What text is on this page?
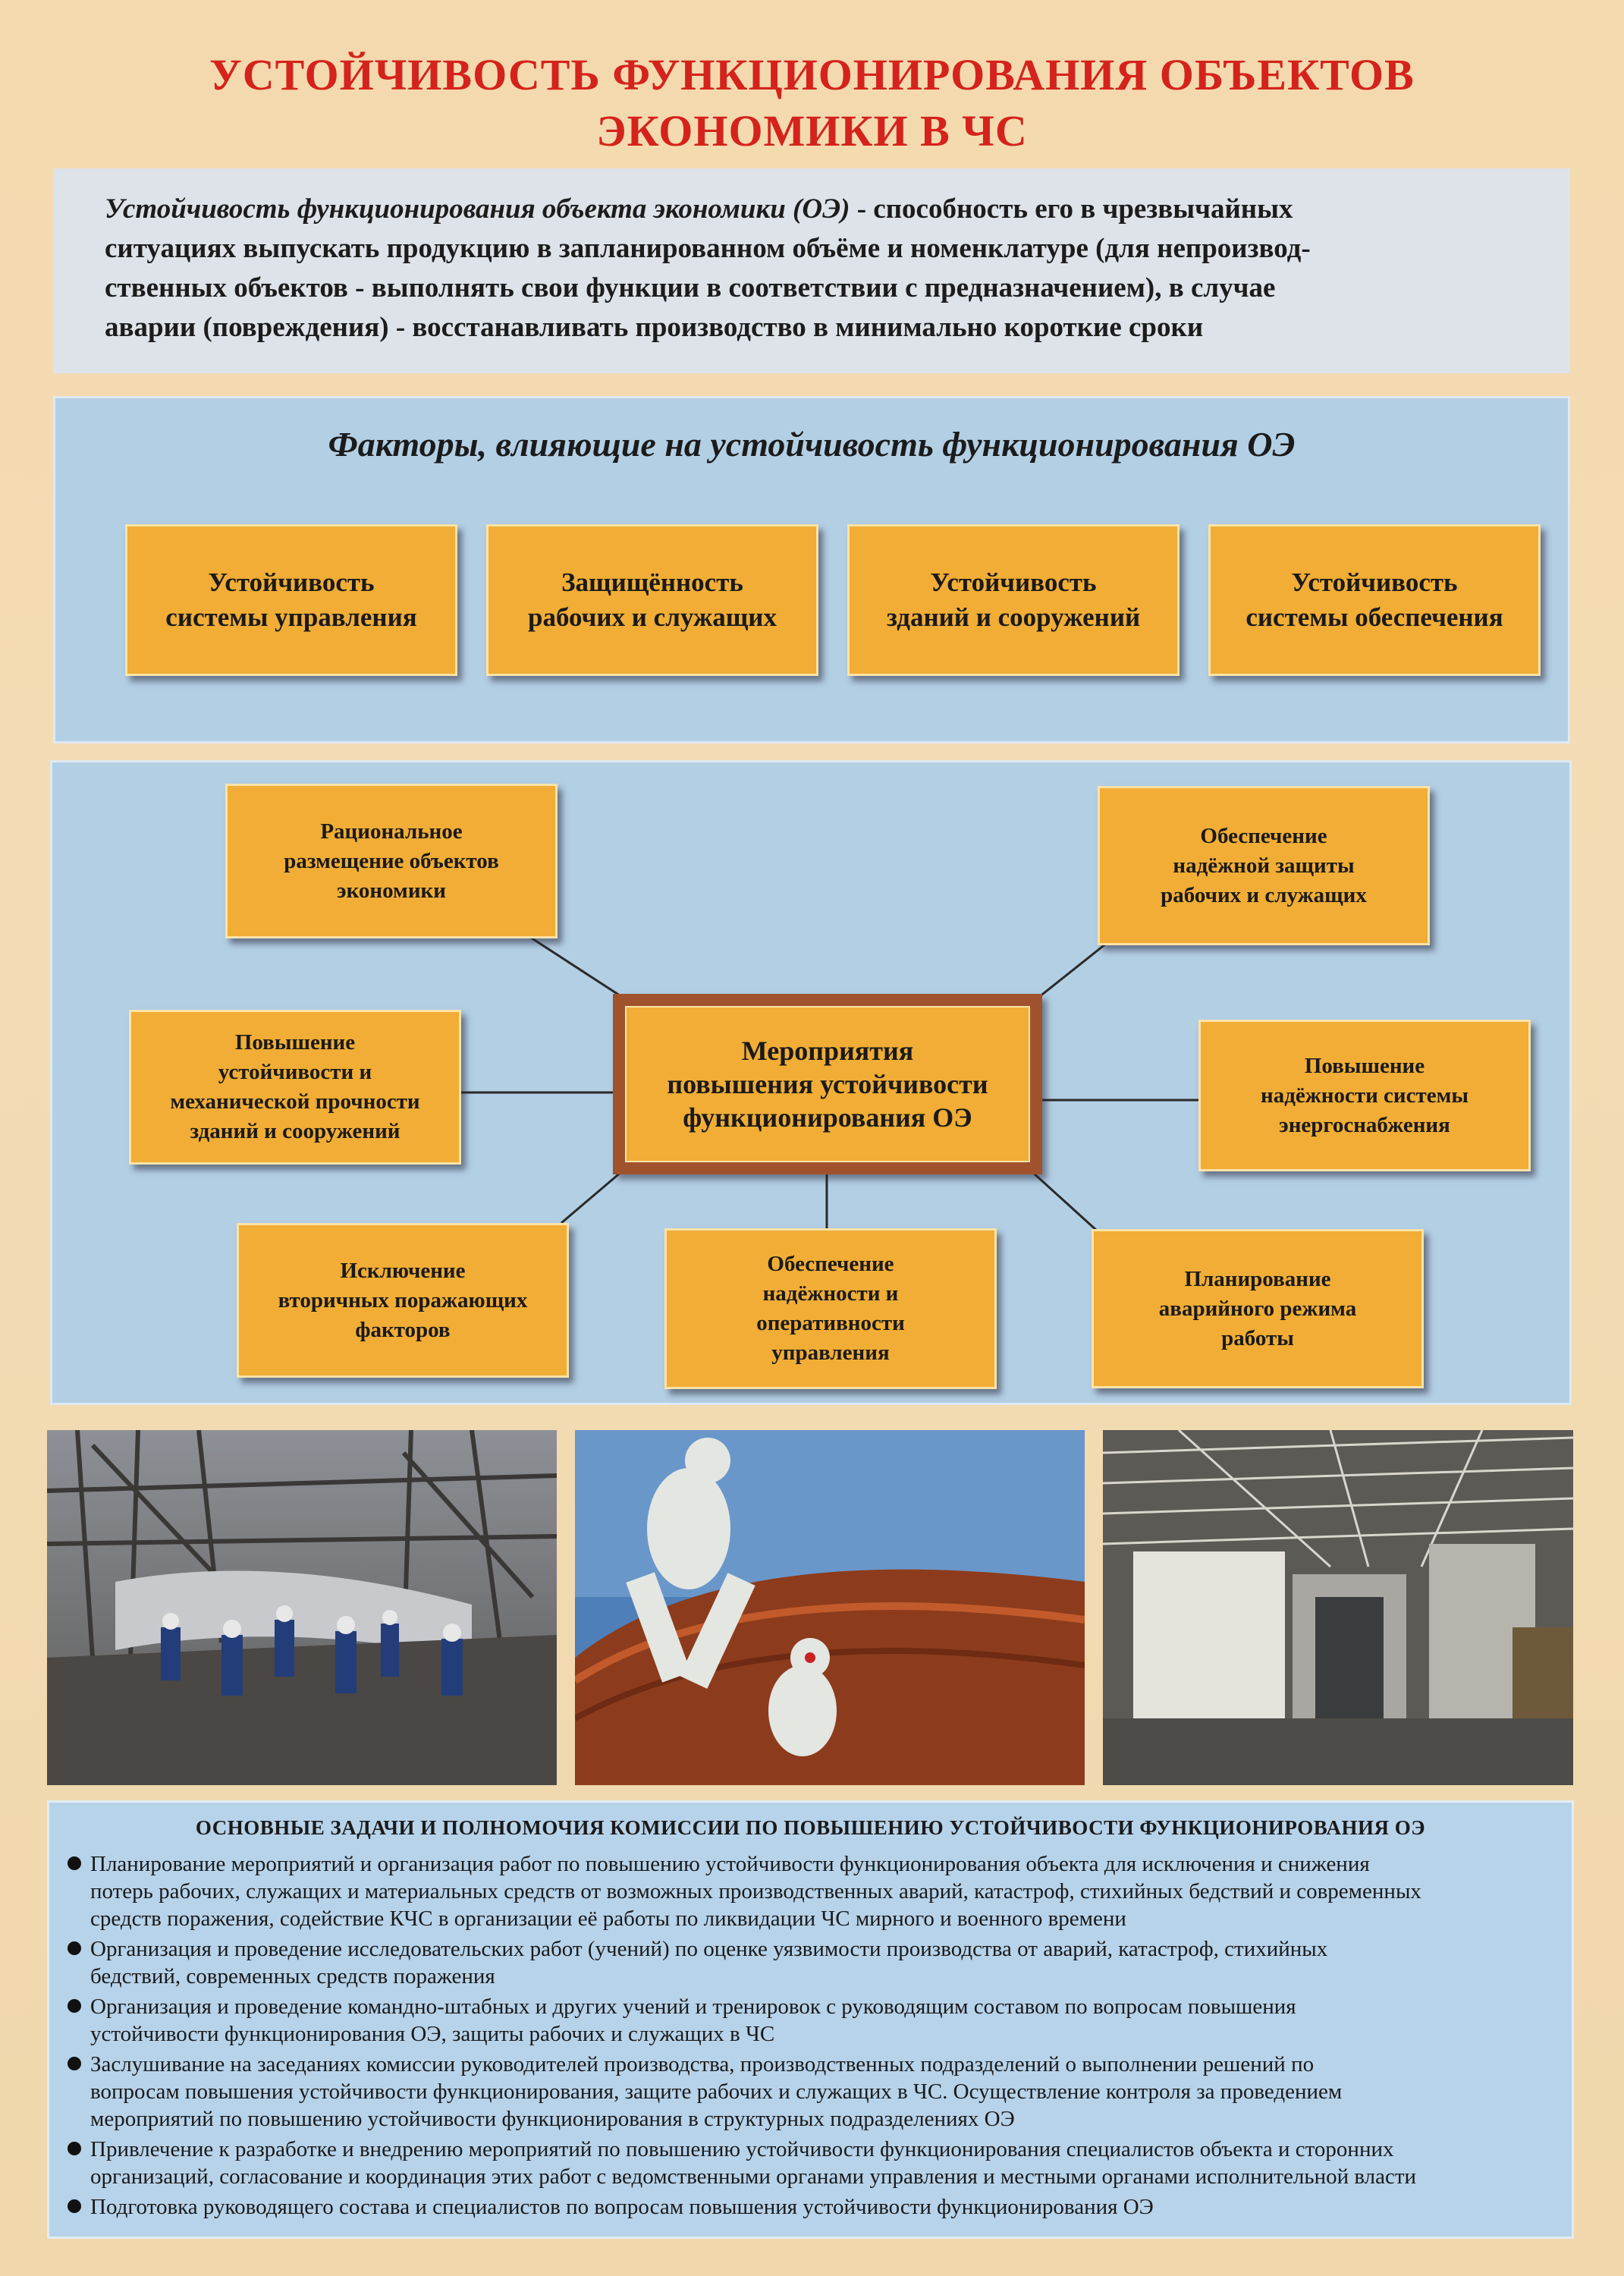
УСТОЙЧИВОСТЬ ФУНКЦИОНИРОВАНИЯ ОБЪЕКТОВ
ЭКОНОМИКИ В ЧС
Устойчивость функционирования объекта экономики (ОЭ) - способность его в чрезвычайных
ситуациях выпускать продукцию в запланированном объёме и номенклатуре (для непроизвод-
ственных объектов - выполнять свои функции в соответствии с предназначением), в случае
аварии (повреждения) - восстанавливать производство в минимально короткие сроки
Факторы, влияющие на устойчивость функционирования ОЭ
Устойчивость
системы управления
Защищённость
рабочих и служащих
Устойчивость
зданий и сооружений
Устойчивость
системы обеспечения
Рациональное
размещение объектов
экономики
Обеспечение
надёжной защиты
рабочих и служащих
Повышение
устойчивости и
механической прочности
зданий и сооружений
Мероприятия
повышения устойчивости
функционирования ОЭ
Повышение
надёжности системы
энергоснабжения
Исключение
вторичных поражающих
факторов
Обеспечение
надёжности и
оперативности
управления
Планирование
аварийного режима
работы
ОСНОВНЫЕ ЗАДАЧИ И ПОЛНОМОЧИЯ КОМИССИИ ПО ПОВЫШЕНИЮ УСТОЙЧИВОСТИ ФУНКЦИОНИРОВАНИЯ ОЭ
Планирование мероприятий и организация работ по повышению устойчивости функционирования объекта для исключения и снижения
потерь рабочих, служащих и материальных средств от возможных производственных аварий, катастроф, стихийных бедствий и современных
средств поражения, содействие КЧС в организации её работы по ликвидации ЧС мирного и военного времени
Организация и проведение исследовательских работ (учений) по оценке уязвимости производства от аварий, катастроф, стихийных
бедствий, современных средств поражения
Организация и проведение командно-штабных и других учений и тренировок с руководящим составом по вопросам повышения
устойчивости функционирования ОЭ, защиты рабочих и служащих в ЧС
Заслушивание на заседаниях комиссии руководителей производства, производственных подразделений о выполнении решений по
вопросам повышения устойчивости функционирования, защите рабочих и служащих в ЧС. Осуществление контроля за проведением
мероприятий по повышению устойчивости функционирования в структурных подразделениях ОЭ
Привлечение к разработке и внедрению мероприятий по повышению устойчивости функционирования специалистов объекта и сторонних
организаций, согласование и координация этих работ с ведомственными органами управления и местными органами исполнительной власти
Подготовка руководящего состава и специалистов по вопросам повышения устойчивости функционирования ОЭ
